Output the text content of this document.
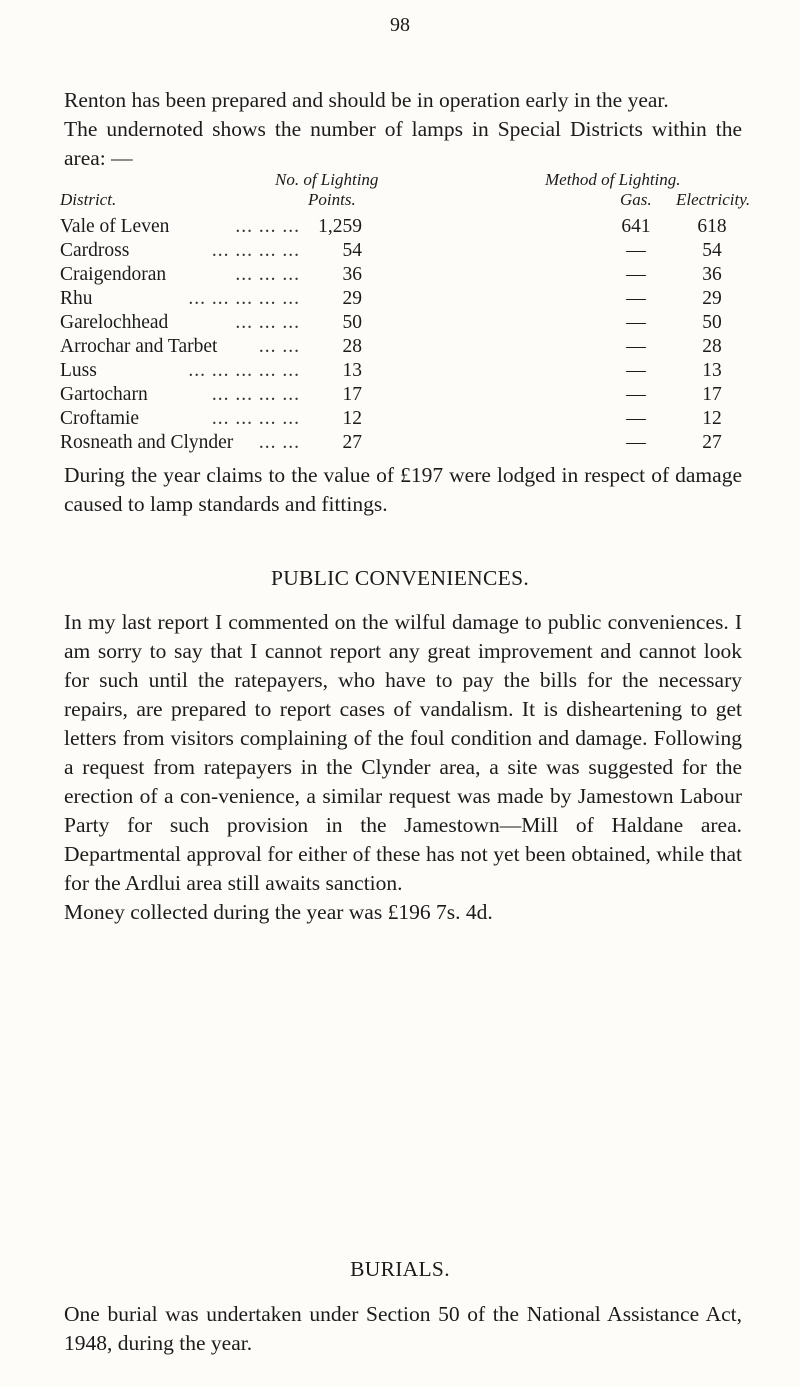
98

Renton has been prepared and should be in operation early in the year.

The undernoted shows the number of lamps in Special Districts within the area: —

District.
No. of Lighting
Points.
Method of Lighting.
Gas. Electricity.
Vale of Leven	... ... ... 1,259	641	618
Cardross	... ... ... ...	54	—	54
Craigendoran	... ... ...	36	—	36
Rhu	... ... ... ... ...	29	—	29
Garelochhead	... ... ...	50	—	50
Arrochar and Tarbet	... ...	28	—	28
Luss	... ... ... ... ...	13	—	13
Gartocharn	... ... ... ...	17	—	17
Croftamie	... ... ... ...	12	—	12
Rosneath and Clynder	... ...	27	—	27

During the year claims to the value of £197 were lodged in respect of damage caused to lamp standards and fittings.

PUBLIC CONVENIENCES.

In my last report I commented on the wilful damage to public conveniences. I am sorry to say that I cannot report any great improvement and cannot look for such until the ratepayers, who have to pay the bills for the necessary repairs, are prepared to report cases of vandalism. It is disheartening to get letters from visitors complaining of the foul condition and damage. Following a request from ratepayers in the Clynder area, a site was suggested for the erection of a con-venience, a similar request was made by Jamestown Labour Party for such provision in the Jamestown—Mill of Haldane area. Departmental approval for either of these has not yet been obtained, while that for the Ardlui area still awaits sanction.

Money collected during the year was £196 7s. 4d.

BURIALS.

One burial was undertaken under Section 50 of the National Assistance Act, 1948, during the year.
